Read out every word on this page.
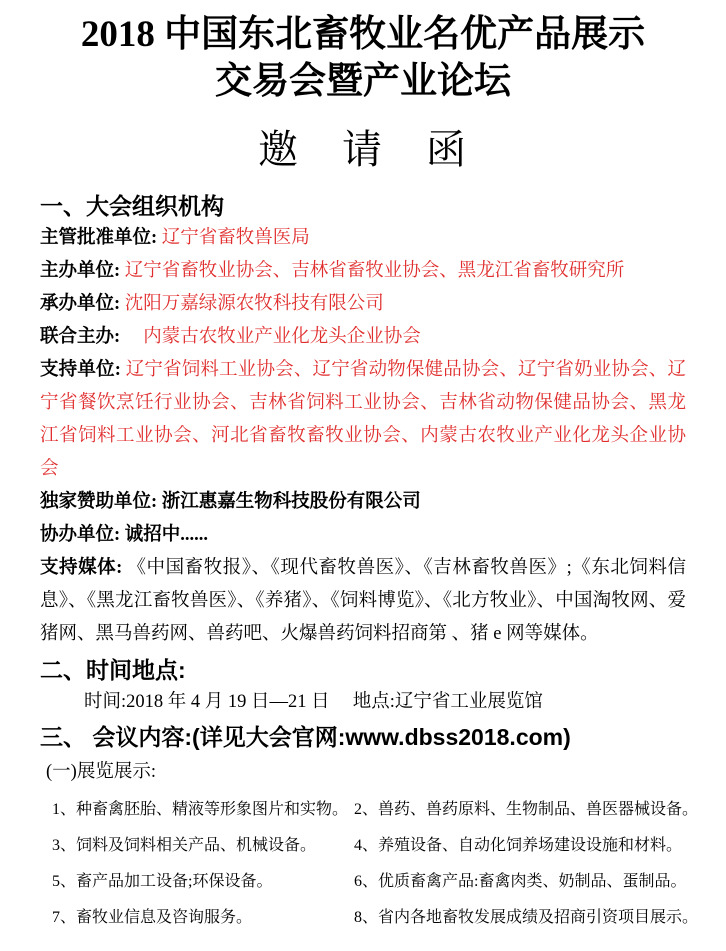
2018 中国东北畜牧业名优产品展示
交易会暨产业论坛
邀　请　函
一、大会组织机构

主管批准单位: 辽宁省畜牧兽医局

主办单位: 辽宁省畜牧业协会、吉林省畜牧业协会、黑龙江省畜牧研究所

承办单位: 沈阳万嘉绿源农牧科技有限公司

联合主办: 　内蒙古农牧业产业化龙头企业协会

支持单位: 辽宁省饲料工业协会、辽宁省动物保健品协会、辽宁省奶业协会、辽宁省餐饮烹饪行业协会、吉林省饲料工业协会、吉林省动物保健品协会、黑龙江省饲料工业协会、河北省畜牧畜牧业协会、内蒙古农牧业产业化龙头企业协会

独家赞助单位: 浙江惠嘉生物科技股份有限公司

协办单位: 诚招中......

支持媒体: 《中国畜牧报》、《现代畜牧兽医》、《吉林畜牧兽医》;《东北饲料信息》、《黑龙江畜牧兽医》、《养猪》、《饲料博览》、《北方牧业》、中国淘牧网、爱猪网、黑马兽药网、兽药吧、火爆兽药饲料招商第 、猪 e 网等媒体。

二、时间地点:

时间:2018 年 4 月 19 日—21 日　 地点:辽宁省工业展览馆

三、 会议内容:(详见大会官网:www.dbss2018.com)

(一)展览展示:

1、种畜禽胚胎、精液等形象图片和实物。 2、兽药、兽药原料、生物制品、兽医器械设备。

3、饲料及饲料相关产品、机械设备。 4、养殖设备、自动化饲养场建设设施和材料。

5、畜产品加工设备;环保设备。	6、优质畜禽产品:畜禽肉类、奶制品、蛋制品。

7、畜牧业信息及咨询服务。	8、省内各地畜牧发展成绩及招商引资项目展示。
